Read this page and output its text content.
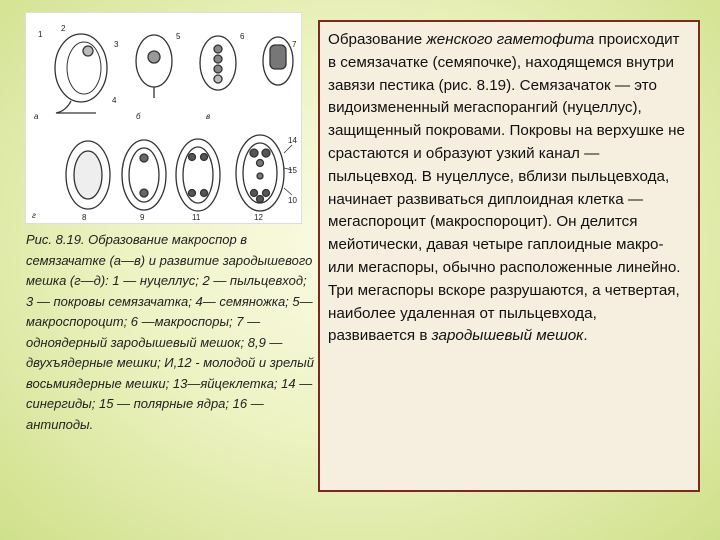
1
2
3
4
5	6
7
а	б	в
г	8	9	11	12
14
15
10
Рис. 8.19. Образование макроспор в семязачатке (а—в) и развитие зародышевого мешка (г—д): 1 — нуцеллус; 2 — пыльцевход; 3 — покровы семязачатка; 4— семяножка; 5—макроспороцит; 6 —макроспоры; 7 — одноядерный зародышевый мешок; 8,9 — двухъядерные мешки; И,12 - молодой и зрелый восьмиядерные мешки; 13—яйцеклетка; 14 — синергиды; 15 — полярные ядра; 16 — антиподы.

Образование женского гаметофита происходит в семязачатке (семяпочке), находящемся внутри завязи пестика (рис. 8.19). Семязачаток — это видоизмененный мегаспорангий (нуцеллус), защищенный покровами. Покровы на верхушке не срастаются и образуют узкий канал — пыльцевход. В нуцеллусе, вблизи пыльцевхода, начинает развиваться диплоидная клетка — мегаспороцит (макроспороцит). Он делится мейотически, давая четыре гаплоидные макро- или мегаспоры, обычно расположенные линейно.

Три мегаспоры вскоре разрушаются, а четвертая, наиболее удаленная от пыльцевхода, развивается в зародышевый мешок.
